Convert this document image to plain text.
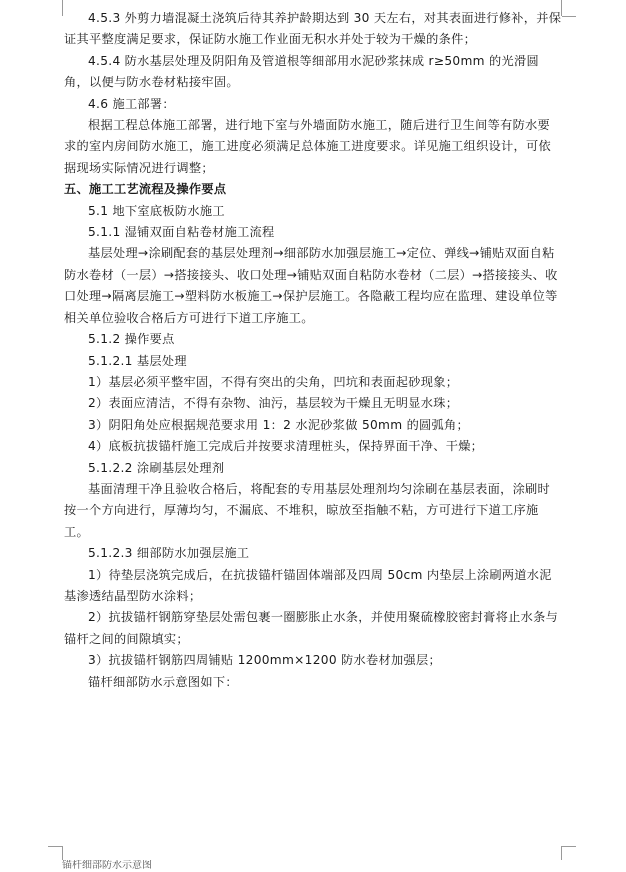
4.5.3 外剪力墙混凝土浇筑后待其养护龄期达到 30 天左右，对其表面进行修补，并保证其平整度满足要求，保证防水施工作业面无积水并处于较为干燥的条件；

4.5.4 防水基层处理及阴阳角及管道根等细部用水泥砂浆抹成 r≥50mm 的光滑圆角，以便与防水卷材粘接牢固。

4.6 施工部署：

根据工程总体施工部署，进行地下室与外墙面防水施工，随后进行卫生间等有防水要求的室内房间防水施工，施工进度必须满足总体施工进度要求。详见施工组织设计，可依据现场实际情况进行调整；

五、施工工艺流程及操作要点

5.1 地下室底板防水施工

5.1.1 湿铺双面自粘卷材施工流程

基层处理→涂刷配套的基层处理剂→细部防水加强层施工→定位、弹线→铺贴双面自粘防水卷材（一层）→搭接接头、收口处理→铺贴双面自粘防水卷材（二层）→搭接接头、收口处理→隔离层施工→塑料防水板施工→保护层施工。各隐蔽工程均应在监理、建设单位等相关单位验收合格后方可进行下道工序施工。

5.1.2 操作要点

5.1.2.1 基层处理

1）基层必须平整牢固，不得有突出的尖角，凹坑和表面起砂现象；

2）表面应清洁，不得有杂物、油污，基层较为干燥且无明显水珠；

3）阴阳角处应根据规范要求用 1：2 水泥砂浆做 50mm 的圆弧角；

4）底板抗拔锚杆施工完成后并按要求清理桩头，保持界面干净、干燥；

5.1.2.2 涂刷基层处理剂

基面清理干净且验收合格后，将配套的专用基层处理剂均匀涂刷在基层表面，涂刷时按一个方向进行，厚薄均匀，不漏底、不堆积，晾放至指触不粘，方可进行下道工序施工。

5.1.2.3 细部防水加强层施工

1）待垫层浇筑完成后，在抗拔锚杆锚固体端部及四周 50cm 内垫层上涂刷两道水泥基渗透结晶型防水涂料；

2）抗拔锚杆钢筋穿垫层处需包裹一圈膨胀止水条，并使用聚硫橡胶密封膏将止水条与锚杆之间的间隙填实；

3）抗拔锚杆钢筋四周铺贴 1200mm×1200 防水卷材加强层；

锚杆细部防水示意图如下：

锚杆细部防水示意图
